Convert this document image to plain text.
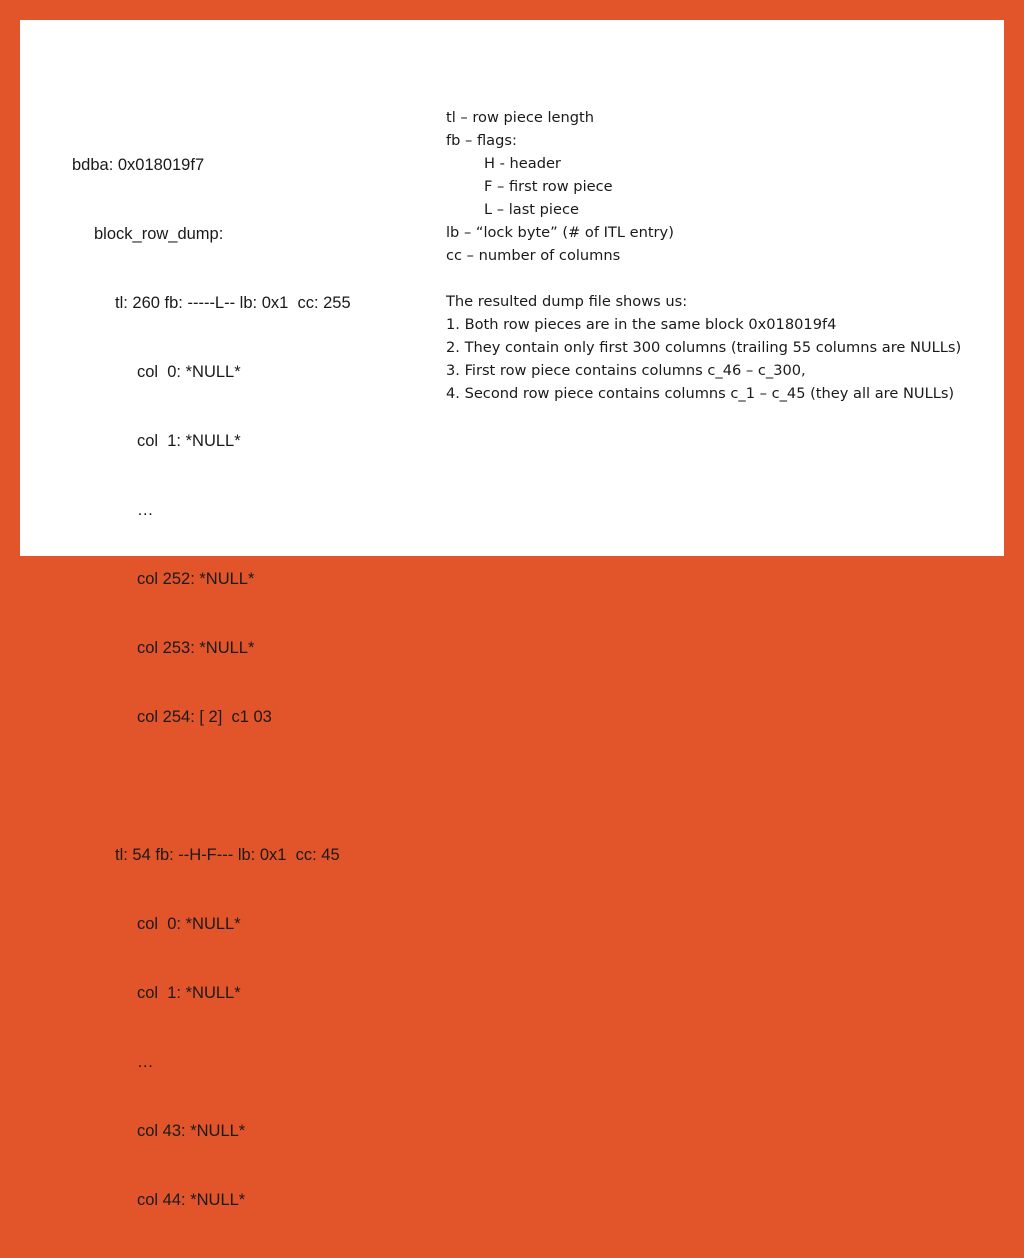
bdba: 0x018019f7

block_row_dump:

tl: 260 fb: -----L-- lb: 0x1  cc: 255

col  0: *NULL*

col  1: *NULL*

…

col 252: *NULL*

col 253: *NULL*

col 254: [ 2]  c1 03

tl: 54 fb: --H-F--- lb: 0x1  cc: 45

col  0: *NULL*

col  1: *NULL*

…

col 43: *NULL*

col 44: *NULL*

tl – row piece length
fb – flags:
H - header
F – first row piece
L – last piece
lb – “lock byte” (# of ITL entry)
cc – number of columns
The resulted dump file shows us:
1. Both row pieces are in the same block 0x018019f4
2. They contain only first 300 columns (trailing 55 columns are NULLs)
3. First row piece contains columns c_46 – c_300,
4. Second row piece contains columns c_1 – c_45 (they all are NULLs)
